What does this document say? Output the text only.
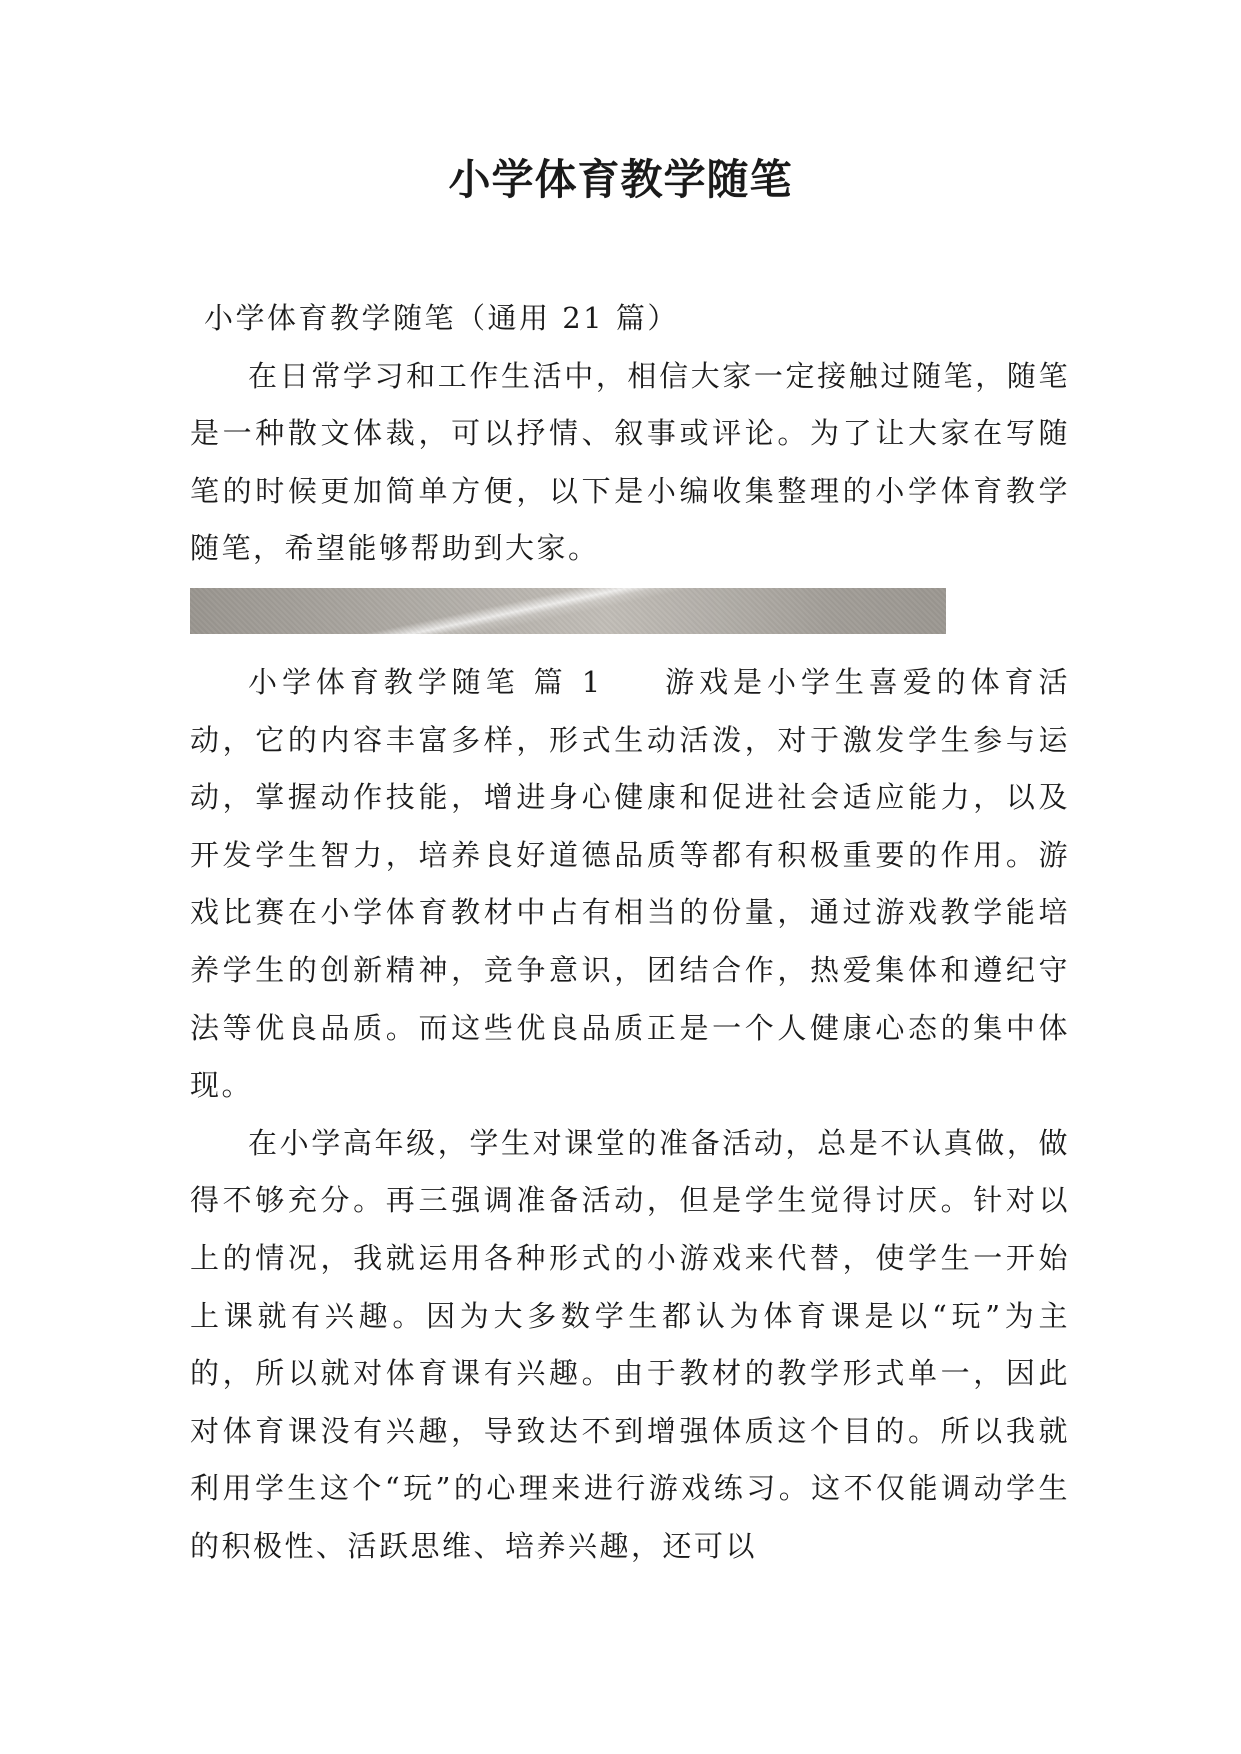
小学体育教学随笔

小学体育教学随笔（通用 21 篇）

在日常学习和工作生活中，相信大家一定接触过随笔，随笔是一种散文体裁，可以抒情、叙事或评论。为了让大家在写随笔的时候更加简单方便，以下是小编收集整理的小学体育教学随笔，希望能够帮助到大家。

小学体育教学随笔 篇 1 游戏是小学生喜爱的体育活动，它的内容丰富多样，形式生动活泼，对于激发学生参与运动，掌握动作技能，增进身心健康和促进社会适应能力，以及开发学生智力，培养良好道德品质等都有积极重要的作用。游戏比赛在小学体育教材中占有相当的份量，通过游戏教学能培养学生的创新精神，竞争意识，团结合作，热爱集体和遵纪守法等优良品质。而这些优良品质正是一个人健康心态的集中体现。

在小学高年级，学生对课堂的准备活动，总是不认真做，做得不够充分。再三强调准备活动，但是学生觉得讨厌。针对以上的情况，我就运用各种形式的小游戏来代替，使学生一开始上课就有兴趣。因为大多数学生都认为体育课是以“玩”为主的，所以就对体育课有兴趣。由于教材的教学形式单一，因此对体育课没有兴趣，导致达不到增强体质这个目的。所以我就利用学生这个“玩”的心理来进行游戏练习。这不仅能调动学生的积极性、活跃思维、培养兴趣，还可以
